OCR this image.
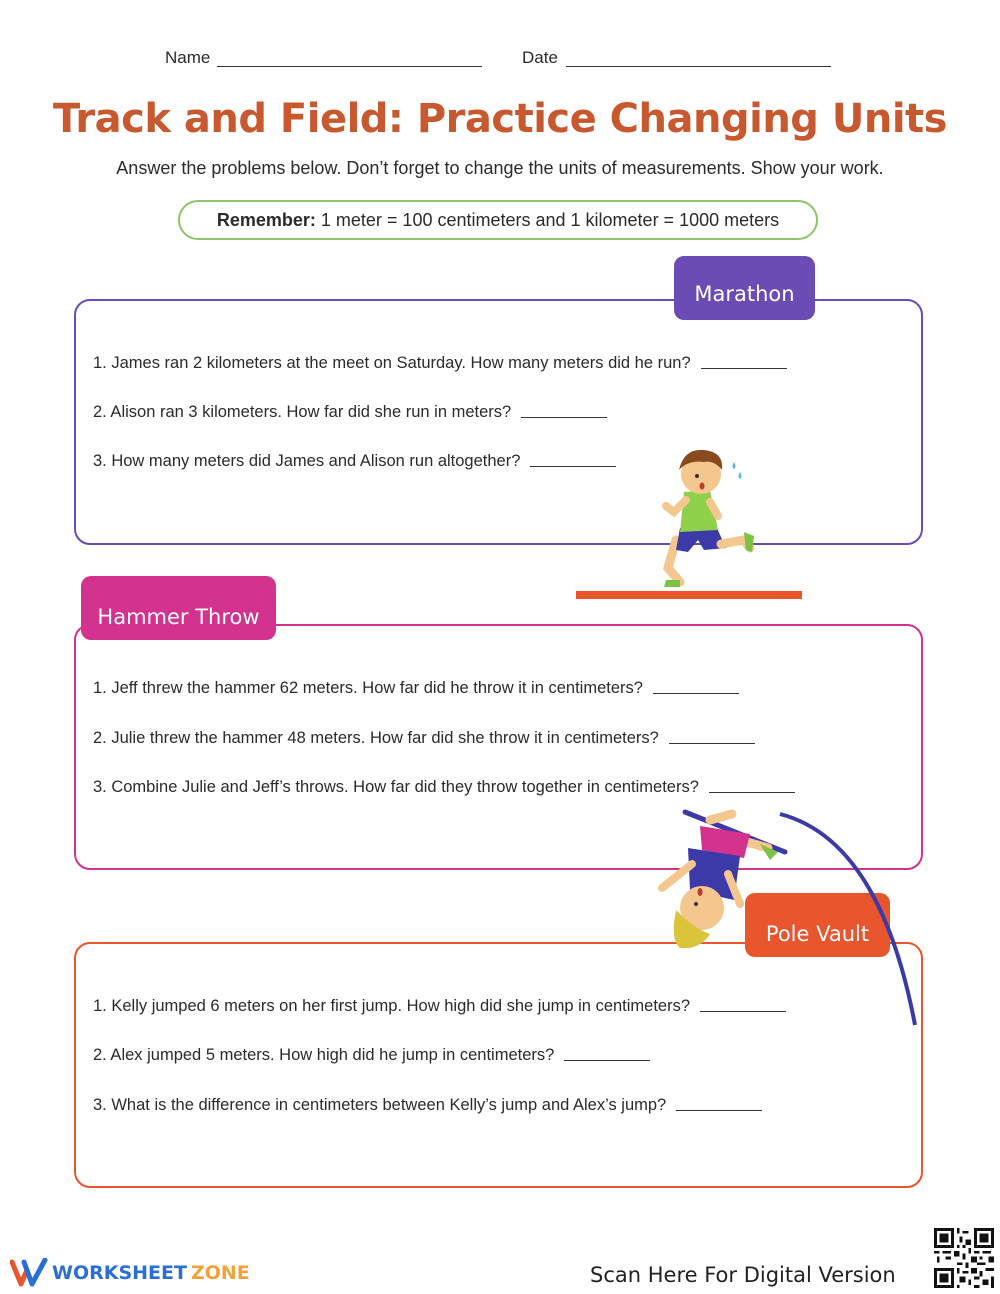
Name	Date
Track and Field: Practice Changing Units
Answer the problems below. Don’t forget to change the units of measurements. Show your work.
Remember: 1 meter = 100 centimeters and 1 kilometer = 1000 meters
Marathon
1. James ran 2 kilometers at the meet on Saturday. How many meters did he run?
2. Alison ran 3 kilometers. How far did she run in meters?
3. How many meters did James and Alison run altogether?
Hammer Throw
1. Jeff threw the hammer 62 meters. How far did he throw it in centimeters?
2. Julie threw the hammer 48 meters. How far did she throw it in centimeters?
3. Combine Julie and Jeff’s throws. How far did they throw together in centimeters?
Pole Vault
1. Kelly jumped 6 meters on her first jump. How high did she jump in centimeters?
2. Alex jumped 5 meters. How high did he jump in centimeters?
3. What is the difference in centimeters between Kelly’s jump and Alex’s jump?
WORKSHEET ZONE	Scan Here For Digital Version
